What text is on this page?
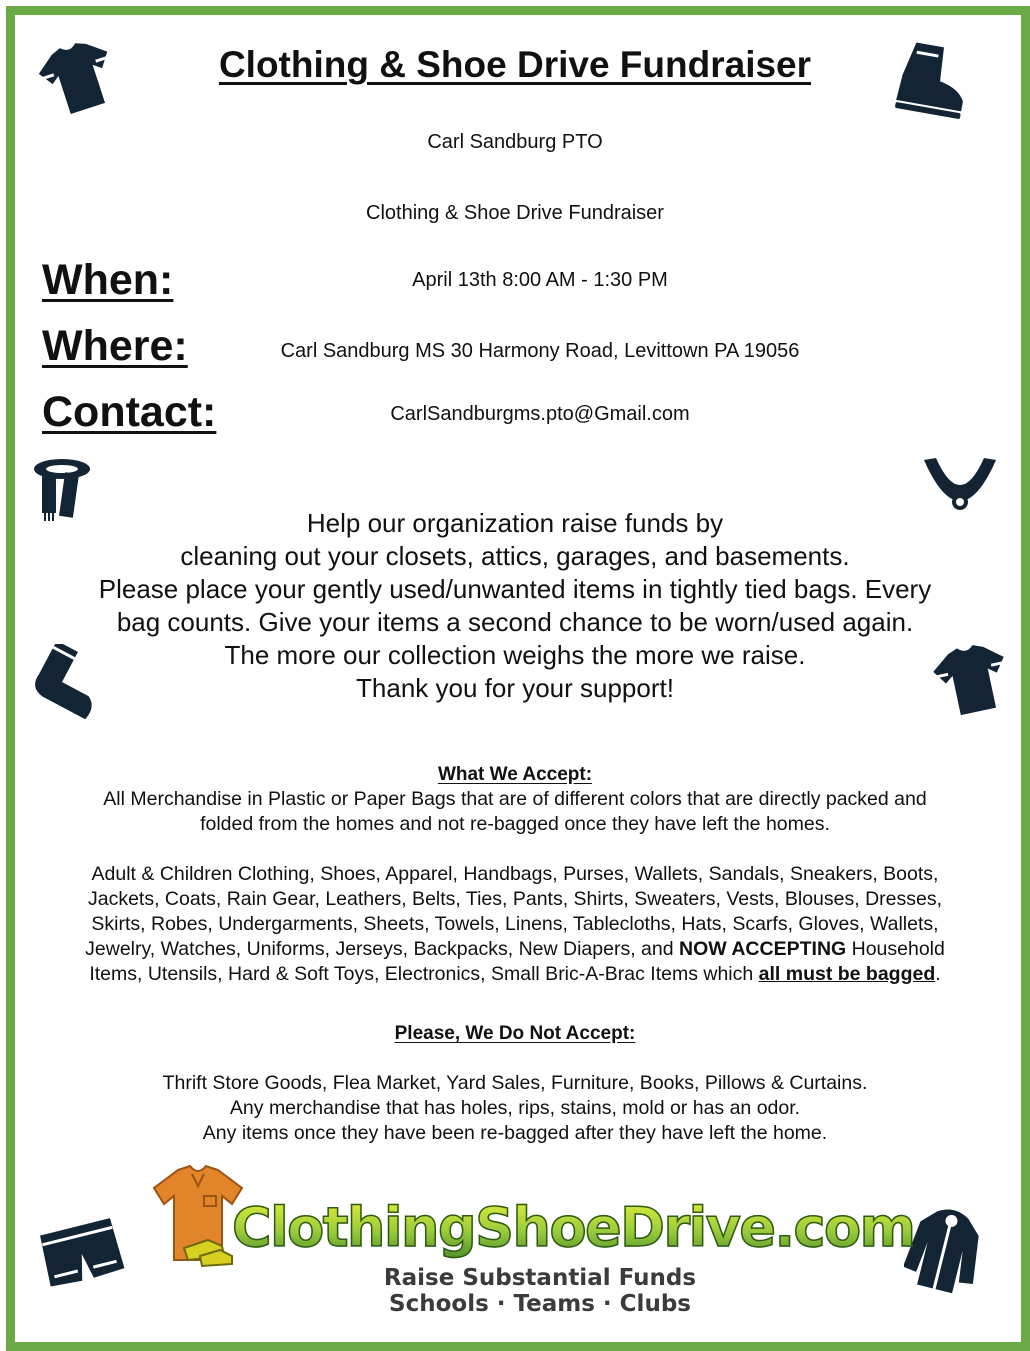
Clothing & Shoe Drive Fundraiser
Carl Sandburg PTO
Clothing & Shoe Drive Fundraiser
When:	April 13th 8:00 AM - 1:30 PM
Where:	Carl Sandburg MS 30 Harmony Road, Levittown PA 19056
Contact:	CarlSandburgms.pto@Gmail.com
Help our organization raise funds by
cleaning out your closets, attics, garages, and basements.
Please place your gently used/unwanted items in tightly tied bags. Every
bag counts. Give your items a second chance to be worn/used again.
The more our collection weighs the more we raise.
Thank you for your support!
What We Accept:
All Merchandise in Plastic or Paper Bags that are of different colors that are directly packed and
folded from the homes and not re-bagged once they have left the homes.
Adult & Children Clothing, Shoes, Apparel, Handbags, Purses, Wallets, Sandals, Sneakers, Boots,
Jackets, Coats, Rain Gear, Leathers, Belts, Ties, Pants, Shirts, Sweaters, Vests, Blouses, Dresses,
Skirts, Robes, Undergarments, Sheets, Towels, Linens, Tablecloths, Hats, Scarfs, Gloves, Wallets,
Jewelry, Watches, Uniforms, Jerseys, Backpacks, New Diapers, and NOW ACCEPTING Household
Items, Utensils, Hard & Soft Toys, Electronics, Small Bric-A-Brac Items which all must be bagged.
Please, We Do Not Accept:
Thrift Store Goods, Flea Market, Yard Sales, Furniture, Books, Pillows & Curtains.
Any merchandise that has holes, rips, stains, mold or has an odor.
Any items once they have been re-bagged after they have left the home.
ClothingShoeDrive.com
Raise Substantial Funds
Schools · Teams · Clubs
